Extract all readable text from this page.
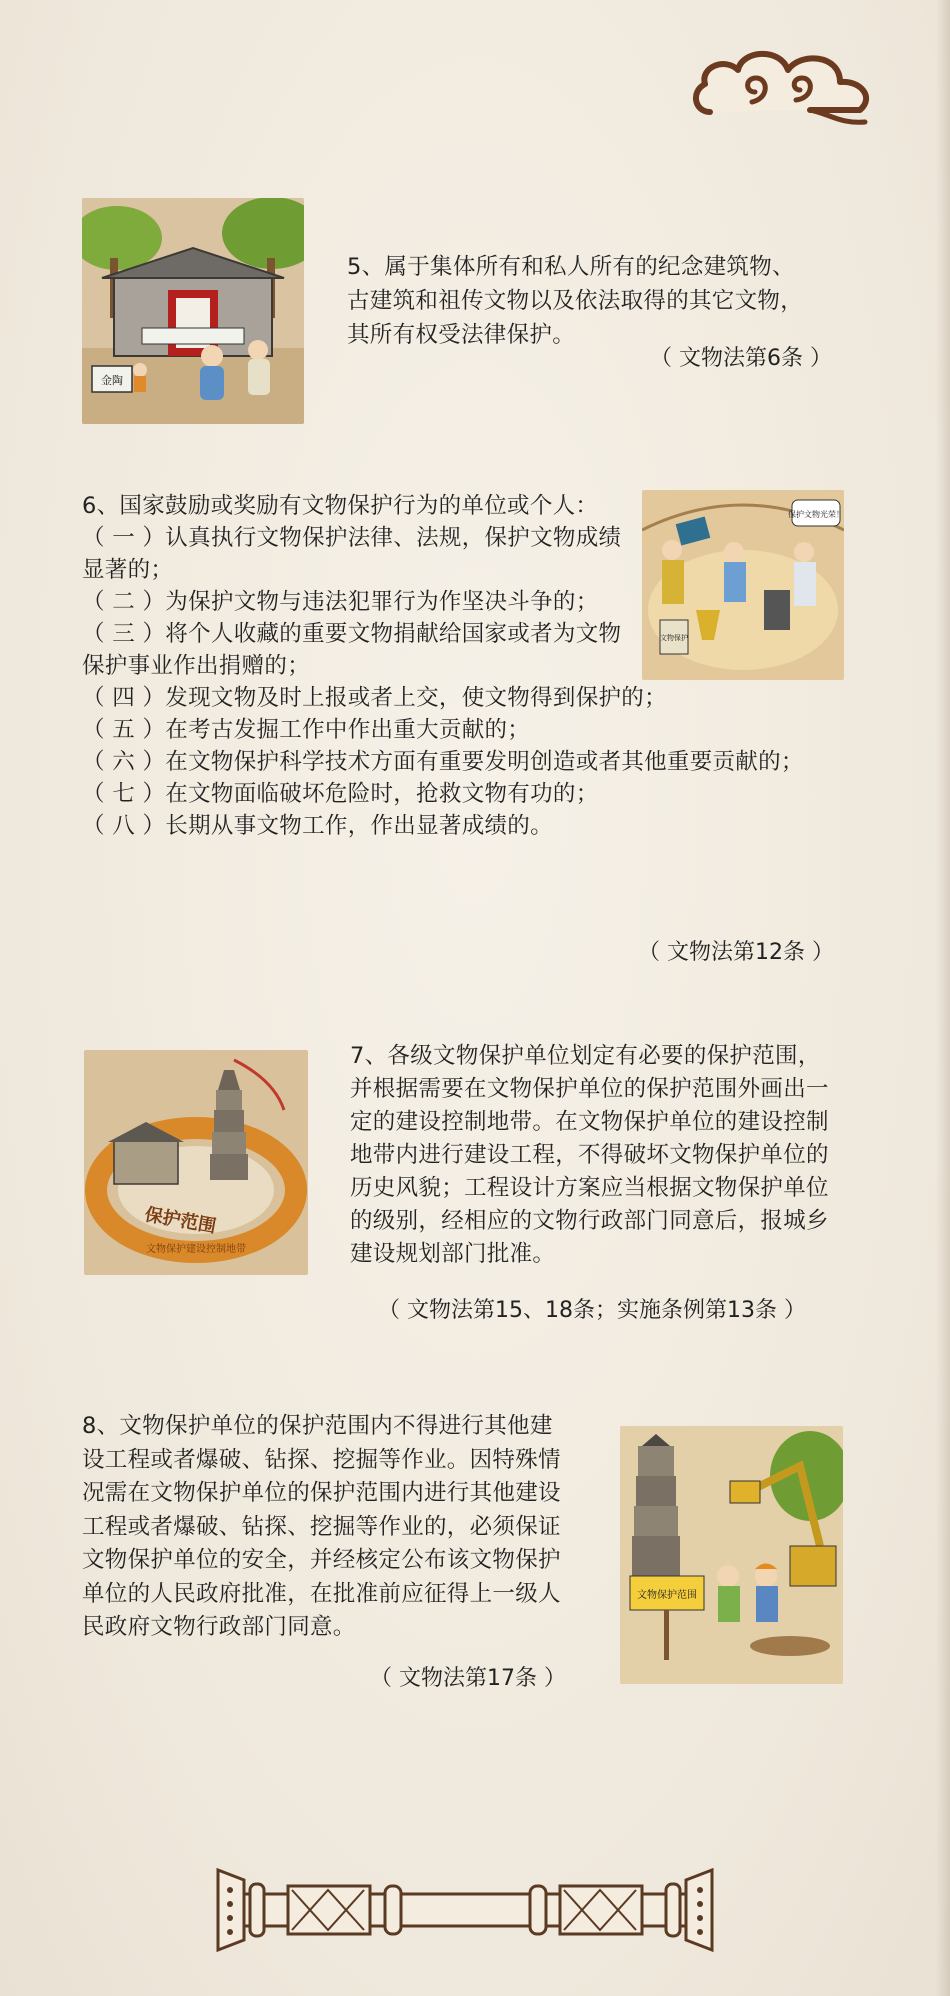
金陶

5、属于集体所有和私人所有的纪念建筑物、古建筑和祖传文物以及依法取得的其它文物，其所有权受法律保护。

（ 文物法第6条 ）
保护文物光荣！
文物保护

6、国家鼓励或奖励有文物保护行为的单位或个人：

（ 一 ）认真执行文物保护法律、法规，保护文物成绩显著的；

（ 二 ）为保护文物与违法犯罪行为作坚决斗争的；

（ 三 ）将个人收藏的重要文物捐献给国家或者为文物保护事业作出捐赠的；

（ 四 ）发现文物及时上报或者上交，使文物得到保护的；

（ 五 ）在考古发掘工作中作出重大贡献的；

（ 六 ）在文物保护科学技术方面有重要发明创造或者其他重要贡献的；

（ 七 ）在文物面临破坏危险时，抢救文物有功的；

（ 八 ）长期从事文物工作，作出显著成绩的。

（ 文物法第12条 ）
保护范围
文物保护建设控制地带

7、各级文物保护单位划定有必要的保护范围，并根据需要在文物保护单位的保护范围外画出一定的建设控制地带。在文物保护单位的建设控制地带内进行建设工程，不得破坏文物保护单位的历史风貌；工程设计方案应当根据文物保护单位的级别，经相应的文物行政部门同意后，报城乡建设规划部门批准。

（ 文物法第15、18条；实施条例第13条 ）
文物保护范围

8、文物保护单位的保护范围内不得进行其他建设工程或者爆破、钻探、挖掘等作业。因特殊情况需在文物保护单位的保护范围内进行其他建设工程或者爆破、钻探、挖掘等作业的，必须保证文物保护单位的安全，并经核定公布该文物保护单位的人民政府批准，在批准前应征得上一级人民政府文物行政部门同意。

（ 文物法第17条 ）
